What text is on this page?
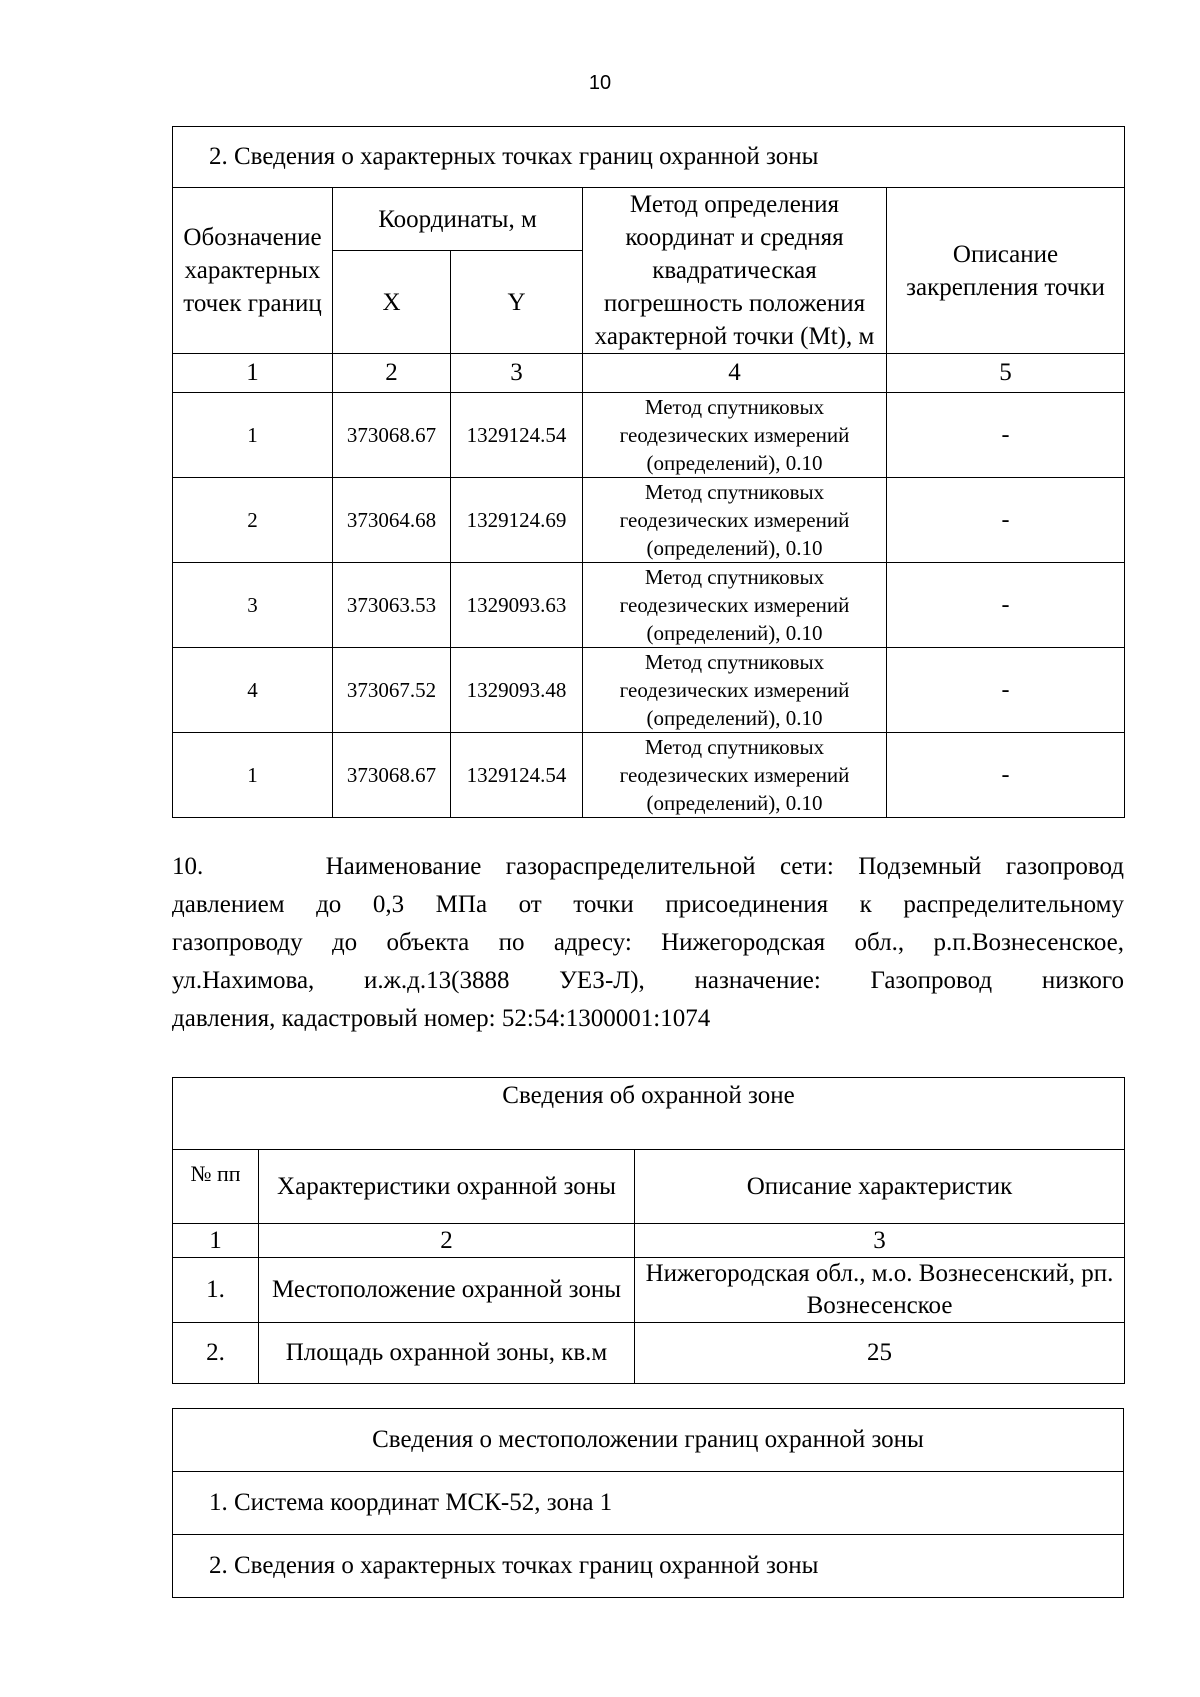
10
2. Сведения о характерных точках границ охранной зоны				
Обозначение характерных точек границ	Координаты, м		Метод определения координат и средняя квадратическая погрешность положения характерной точки (Mt), м	Описание закрепления точки
	X	Y		
1	2	3	4	5
1	373068.67	1329124.54	Метод спутниковых
геодезических измерений
(определений), 0.10	-
2	373064.68	1329124.69	Метод спутниковых
геодезических измерений
(определений), 0.10	-
3	373063.53	1329093.63	Метод спутниковых
геодезических измерений
(определений), 0.10	-
4	373067.52	1329093.48	Метод спутниковых
геодезических измерений
(определений), 0.10	-
1	373068.67	1329124.54	Метод спутниковых
геодезических измерений
(определений), 0.10	-
10.     Наименование газораспределительной сети: Подземный газопровод
давлением до 0,3 МПа от точки присоединения к распределительному
газопроводу до объекта по адресу: Нижегородская обл., р.п.Вознесенское,
ул.Нахимова, и.ж.д.13(3888 УЕЗ-Л), назначение: Газопровод низкого
давления, кадастровый номер: 52:54:1300001:1074
Сведения об охранной зоне		
№ пп	Характеристики охранной зоны	Описание характеристик
1	2	3
1.	Местоположение охранной зоны	Нижегородская обл., м.о. Вознесенский, рп. Вознесенское
2.	Площадь охранной зоны, кв.м	25
Сведения о местоположении границ охранной зоны
1. Система координат МСК-52, зона 1
2. Сведения о характерных точках границ охранной зоны
